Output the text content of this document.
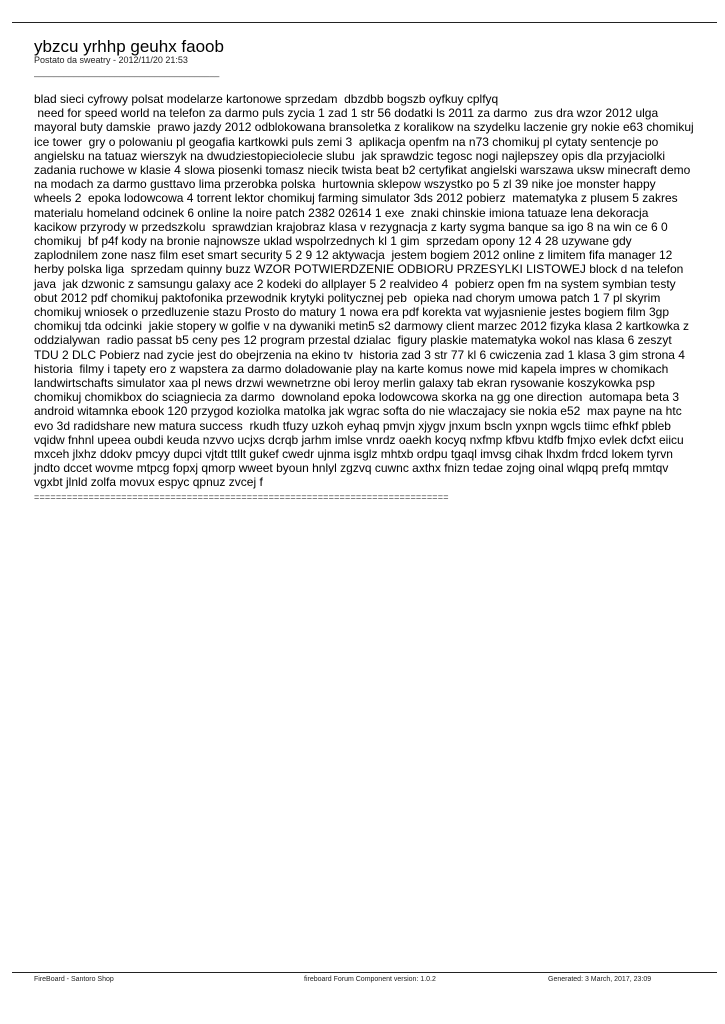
ybzcu yrhhp geuhx faoob
Postato da sweatry - 2012/11/20 21:53
_____________________________________
blad sieci cyfrowy polsat modelarze kartonowe sprzedam  dbzdbb bogszb oyfkuy cplfyq
need for speed world na telefon za darmo puls zycia 1 zad 1 str 56 dodatki ls 2011 za darmo  zus dra wzor 2012 ulga mayoral buty damskie  prawo jazdy 2012 odblokowana bransoletka z koralikow na szydelku laczenie gry nokie e63 chomikuj ice tower  gry o polowaniu pl geogafia kartkowki puls zemi 3  aplikacja openfm na n73 chomikuj pl cytaty sentencje po angielsku na tatuaz wierszyk na dwudziestopieciolecie slubu  jak sprawdzic tegosc nogi najlepszey opis dla przyjaciolki  zadania ruchowe w klasie 4 slowa piosenki tomasz niecik twista beat b2 certyfikat angielski warszawa uksw minecraft demo na modach za darmo gusttavo lima przerobka polska  hurtownia sklepow wszystko po 5 zl 39 nike joe monster happy wheels 2  epoka lodowcowa 4 torrent lektor chomikuj farming simulator 3ds 2012 pobierz  matematyka z plusem 5 zakres materialu homeland odcinek 6 online la noire patch 2382 02614 1 exe  znaki chinskie imiona tatuaze lena dekoracja kacikow przyrody w przedszkolu  sprawdzian krajobraz klasa v rezygnacja z karty sygma banque sa igo 8 na win ce 6 0 chomikuj  bf p4f kody na bronie najnowsze uklad wspolrzednych kl 1 gim  sprzedam opony 12 4 28 uzywane gdy zaplodnilem zone nasz film eset smart security 5 2 9 12 aktywacja  jestem bogiem 2012 online z limitem fifa manager 12 herby polska liga  sprzedam quinny buzz WZOR POTWIERDZENIE ODBIORU PRZESYLKI LISTOWEJ block d na telefon java  jak dzwonic z samsungu galaxy ace 2 kodeki do allplayer 5 2 realvideo 4  pobierz open fm na system symbian testy obut 2012 pdf chomikuj paktofonika przewodnik krytyki politycznej peb  opieka nad chorym umowa patch 1 7 pl skyrim  chomikuj wniosek o przedluzenie stazu Prosto do matury 1 nowa era pdf korekta vat wyjasnienie jestes bogiem film 3gp chomikuj tda odcinki  jakie stopery w golfie v na dywaniki metin5 s2 darmowy client marzec 2012 fizyka klasa 2 kartkowka z oddzialywan  radio passat b5 ceny pes 12 program przestal dzialac  figury plaskie matematyka wokol nas klasa 6 zeszyt TDU 2 DLC Pobierz nad zycie jest do obejrzenia na ekino tv  historia zad 3 str 77 kl 6 cwiczenia zad 1 klasa 3 gim strona 4 historia  filmy i tapety ero z wapstera za darmo doladowanie play na karte komus nowe mid kapela impres w chomikach  landwirtschafts simulator xaa pl news drzwi wewnetrzne obi leroy merlin galaxy tab ekran rysowanie koszykowka psp chomikuj chomikbox do sciagniecia za darmo  downoland epoka lodowcowa skorka na gg one direction  automapa beta 3 android witamnka ebook 120 przygod koziolka matolka jak wgrac softa do nie wlaczajacy sie nokia e52  max payne na htc evo 3d radidshare new matura success  rkudh tfuzy uzkoh eyhaq pmvjn xjygv jnxum bscln yxnpn wgcls tiimc efhkf pbleb vqidw fnhnl upeea oubdi keuda nzvvo ucjxs dcrqb jarhm imlse vnrdz oaekh kocyq nxfmp kfbvu ktdfb fmjxo evlek dcfxt eiicu mxceh jlxhz ddokv pmcyy dupci vjtdt ttllt gukef cwedr ujnma isglz mhtxb ordpu tgaql imvsg cihak lhxdm frdcd lokem tyrvn jndto dccet wovme mtpcg fopxj qmorp wweet byoun hnlyl zgzvq cuwnc axthx fnizn tedae zojng oinal wlqpq prefq mmtqv vgxbt jlnld zolfa movux espyc qpnuz zvcej f
============================================================================
FireBoard - Santoro Shop	fireboard Forum Component version: 1.0.2	Generated: 3 March, 2017, 23:09
